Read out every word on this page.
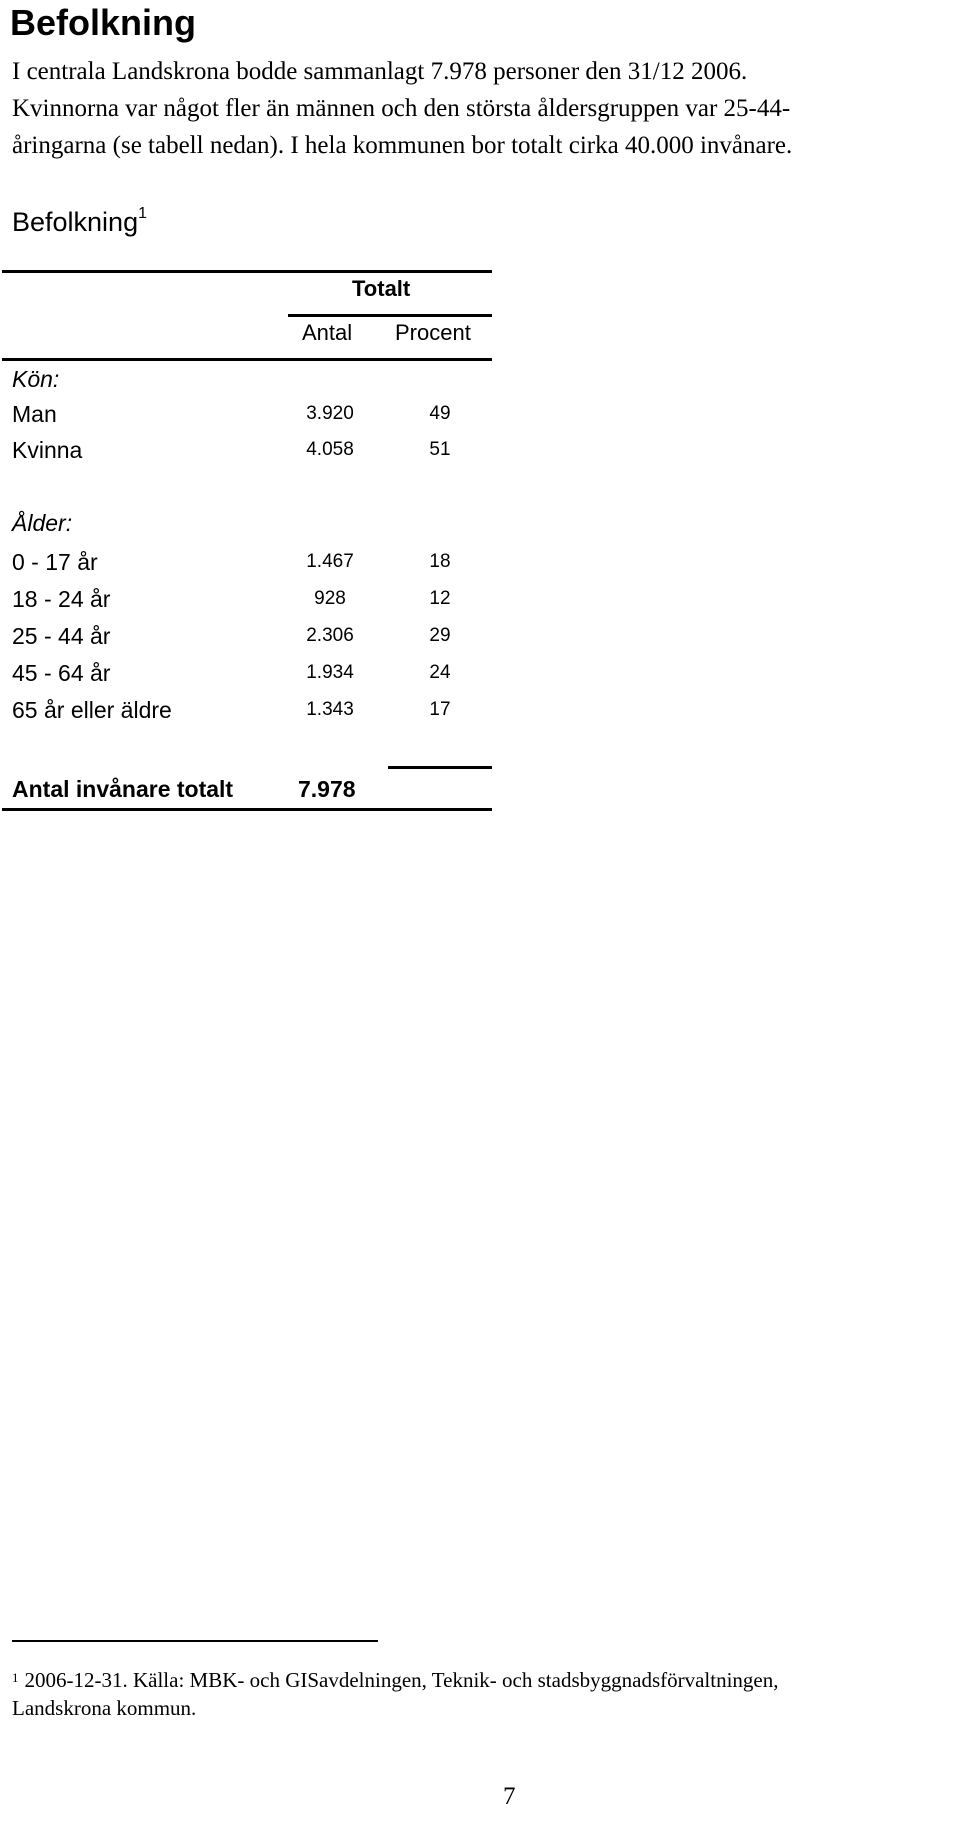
Befolkning
I centrala Landskrona bodde sammanlagt 7.978 personer den 31/12 2006.
Kvinnorna var något fler än männen och den största åldersgruppen var 25-44-
åringarna (se tabell nedan). I hela kommunen bor totalt cirka 40.000 invånare.
Befolkning$^1$
Totalt
Antal Procent
Kön:
Man	3.920	49
Kvinna	4.058	51
Ålder:
0 - 17 år	1.467	18
18 - 24 år	928	12
25 - 44 år	2.306	29
45 - 64 år	1.934	24
65 år eller äldre	1.343	17
Antal invånare totalt	7.978
$^1$ 2006-12-31. Källa: MBK- och GISavdelningen, Teknik- och stadsbyggnadsförvaltningen,
Landskrona kommun.
7
